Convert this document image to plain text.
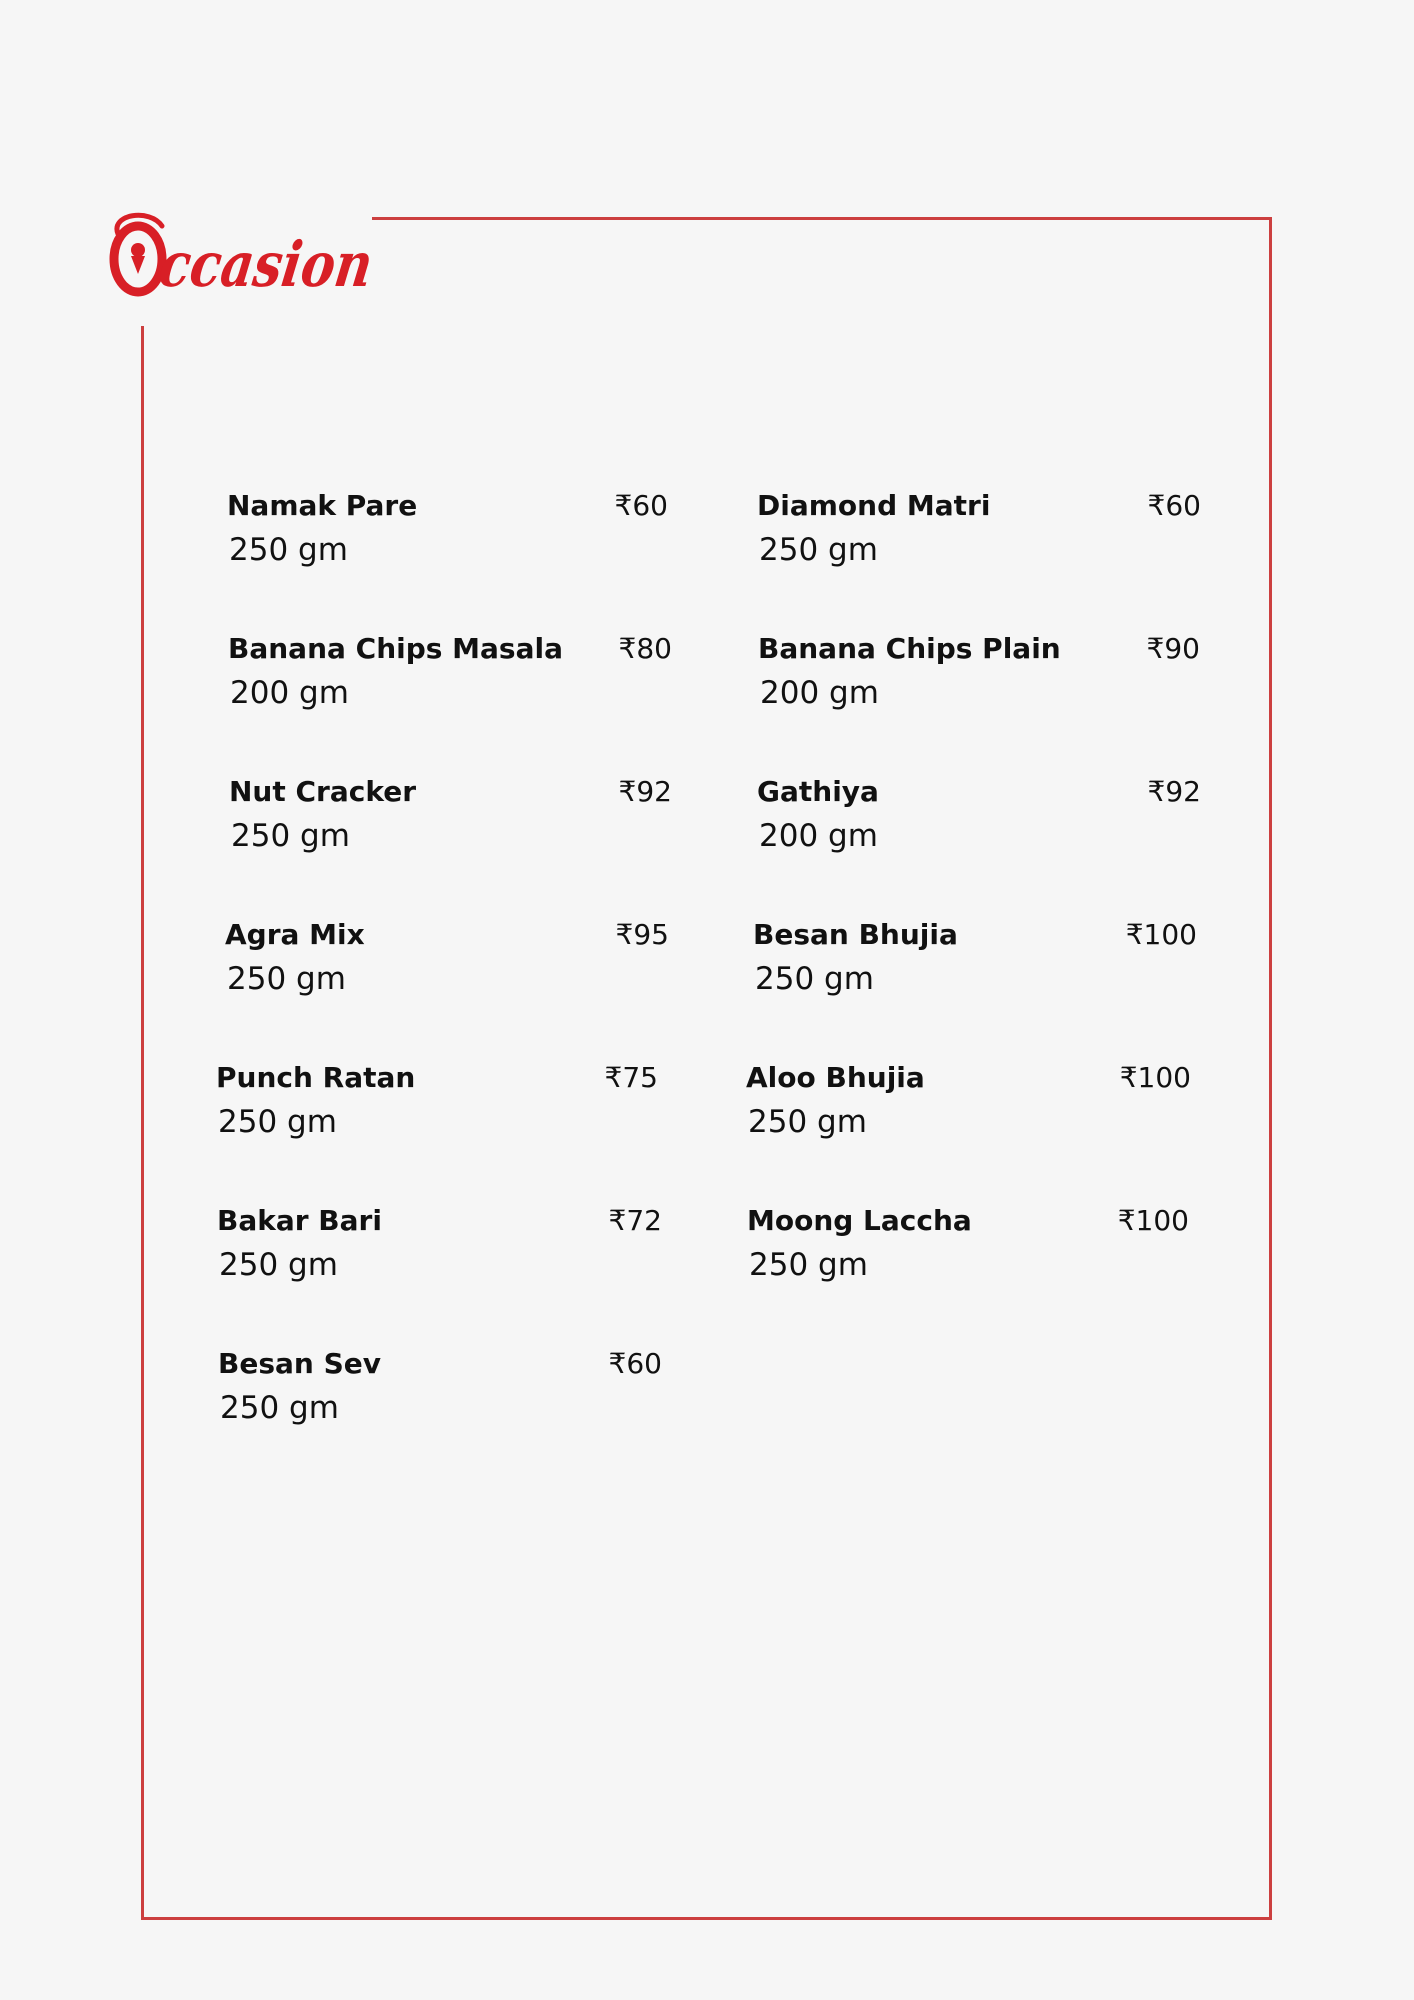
ccasion
Namak Pare
250 gm
₹60	Diamond Matri
250 gm
₹60
Banana Chips Masala
200 gm
₹80	Banana Chips Plain
200 gm
₹90
Nut Cracker
250 gm
₹92	Gathiya
200 gm
₹92
Agra Mix
250 gm
₹95	Besan Bhujia
250 gm
₹100
Punch Ratan
250 gm
₹75	Aloo Bhujia
250 gm
₹100
Bakar Bari
250 gm
₹72	Moong Laccha
250 gm
₹100
Besan Sev
250 gm
₹60
